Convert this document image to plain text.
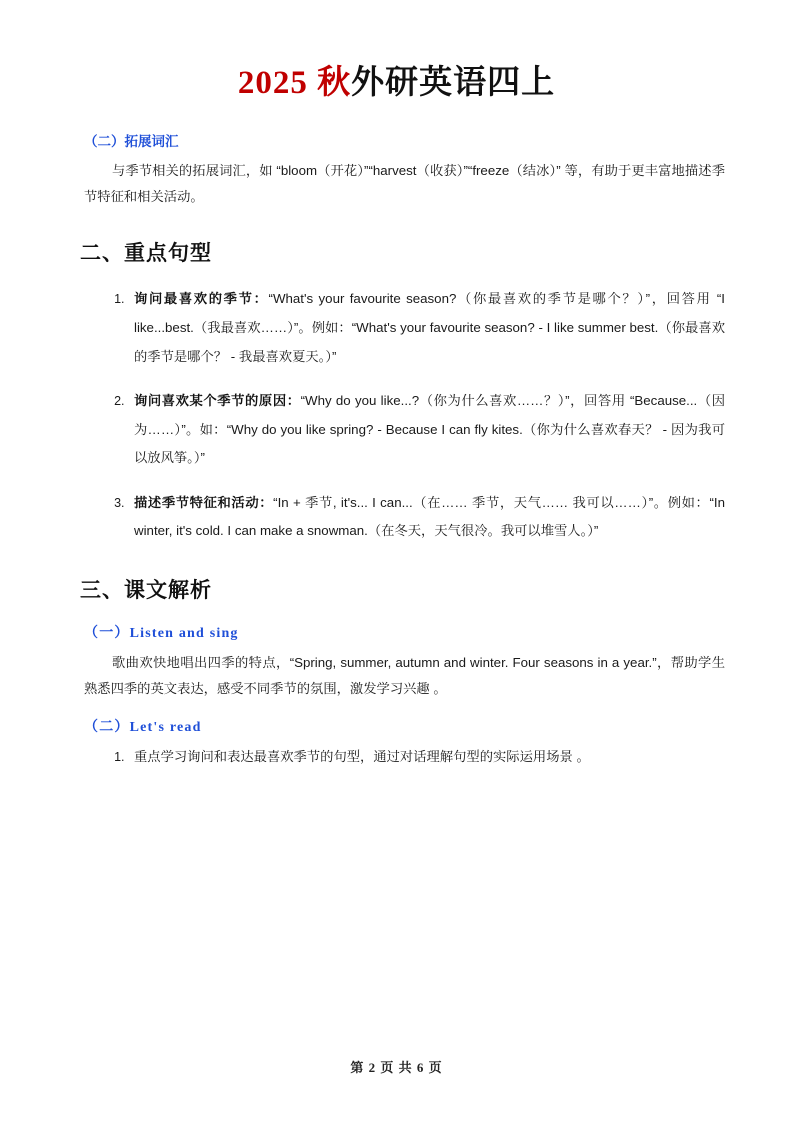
2025 秋外研英语四上
（二）拓展词汇

与季节相关的拓展词汇，如 “bloom（开花）”“harvest（收获）”“freeze（结冰）” 等，有助于更丰富地描述季节特征和相关活动。

二、重点句型
1. 询问最喜欢的季节：“What's your favourite season?（你最喜欢的季节是哪个？）”，回答用 “I like...best.（我最喜欢……）”。例如：“What's your favourite season? - I like summer best.（你最喜欢的季节是哪个？ - 我最喜欢夏天。）”
2. 询问喜欢某个季节的原因：“Why do you like...?（你为什么喜欢……？）”，回答用 “Because...（因为……）”。如：“Why do you like spring? - Because I can fly kites.（你为什么喜欢春天？ - 因为我可以放风筝。）”
3. 描述季节特征和活动：“In + 季节, it's... I can...（在…… 季节，天气…… 我可以……）”。例如：“In winter, it's cold. I can make a snowman.（在冬天，天气很冷。我可以堆雪人。）”
三、课文解析
（一）Listen and sing

歌曲欢快地唱出四季的特点，“Spring, summer, autumn and winter. Four seasons in a year.”，帮助学生熟悉四季的英文表达，感受不同季节的氛围，激发学习兴趣 。

（二）Let's read
1. 重点学习询问和表达最喜欢季节的句型，通过对话理解句型的实际运用场景 。
第 2 页 共 6 页
